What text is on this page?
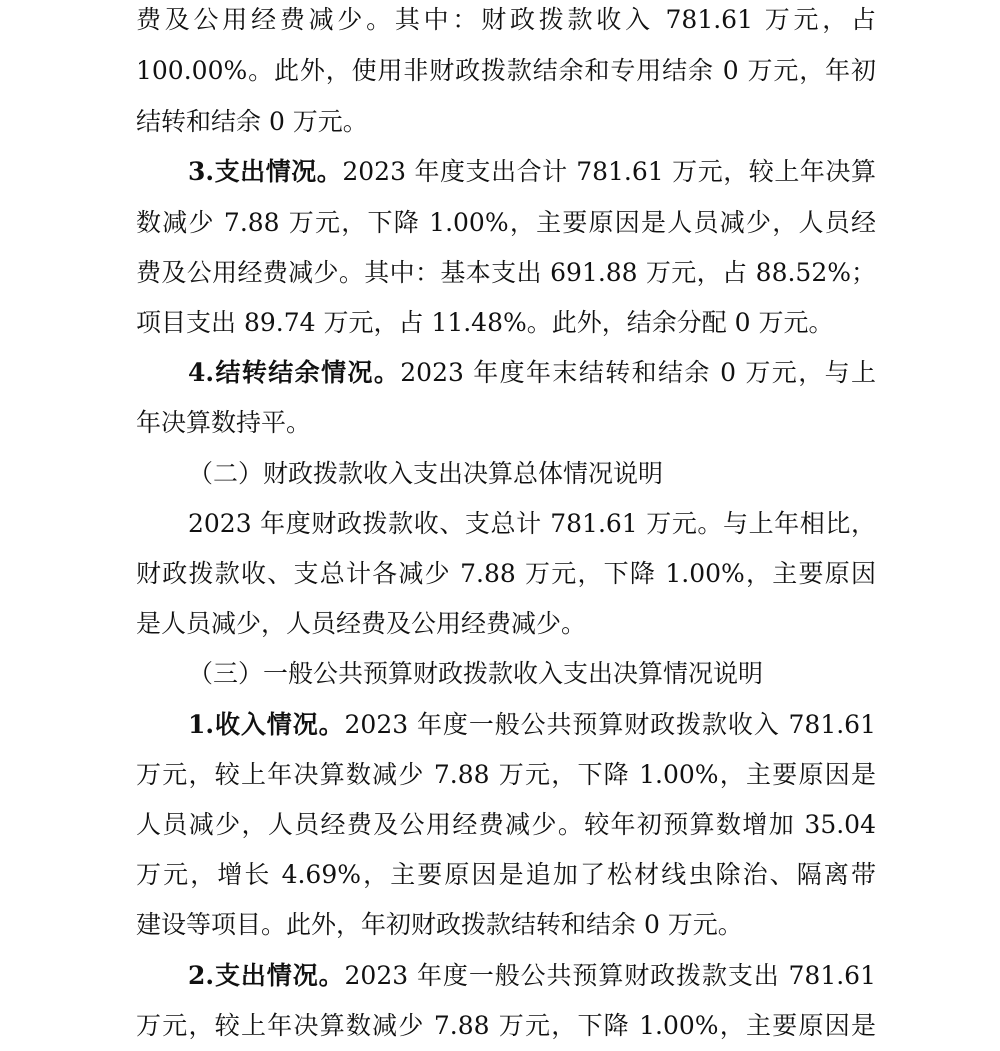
费及公用经费减少。其中：财政拨款收入 781.61 万元，占
100.00%。此外，使用非财政拨款结余和专用结余 0 万元，年初
结转和结余 0 万元。
3.支出情况。2023 年度支出合计 781.61 万元，较上年决算
数减少 7.88 万元，下降 1.00%，主要原因是人员减少，人员经
费及公用经费减少。其中：基本支出 691.88 万元，占 88.52%；
项目支出 89.74 万元，占 11.48%。此外，结余分配 0 万元。
4.结转结余情况。2023 年度年末结转和结余 0 万元，与上
年决算数持平。
（二）财政拨款收入支出决算总体情况说明
2023 年度财政拨款收、支总计 781.61 万元。与上年相比，
财政拨款收、支总计各减少 7.88 万元，下降 1.00%，主要原因
是人员减少，人员经费及公用经费减少。
（三）一般公共预算财政拨款收入支出决算情况说明
1.收入情况。2023 年度一般公共预算财政拨款收入 781.61
万元，较上年决算数减少 7.88 万元，下降 1.00%，主要原因是
人员减少，人员经费及公用经费减少。较年初预算数增加 35.04
万元，增长 4.69%，主要原因是追加了松材线虫除治、隔离带
建设等项目。此外，年初财政拨款结转和结余 0 万元。
2.支出情况。2023 年度一般公共预算财政拨款支出 781.61
万元，较上年决算数减少 7.88 万元，下降 1.00%，主要原因是
